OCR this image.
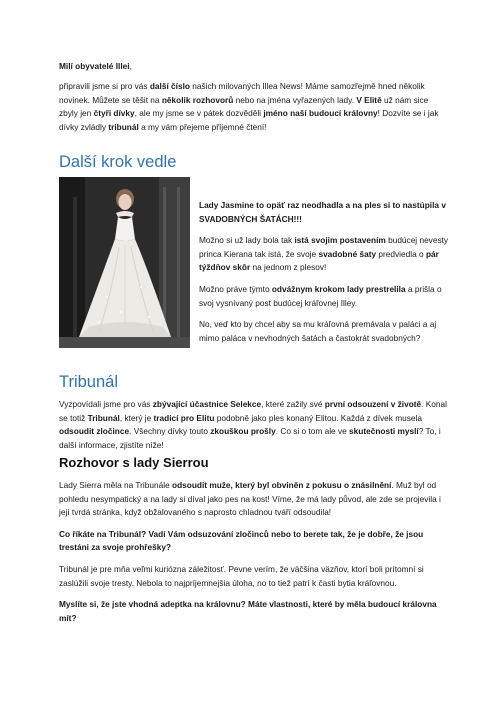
Milí obyvatelé Illei,

připravili jsme si pro vás další číslo našich milovaných Illea News! Máme samozřejmě hned několik novinek. Můžete se těšit na několik rozhovorů nebo na jména vyřazených lady. V Elitě už nám sice zbyly jen čtyři dívky, ale my jsme se v pátek dozvěděli jméno naší budoucí královny! Dozvíte se i jak dívky zvládly tribunál a my vám přejeme příjemné čtení!

Další krok vedle

Lady Jasmine to opäť raz neodhadla a na ples si to nastúpila v SVADOBNÝCH ŠATÁCH!!!

Možno si už lady bola tak istá svojim postavením budúcej nevesty princa Kierana tak istá, že svoje svadobné šaty predviedla o pár týždňov skôr na jednom z plesov!

Možno práve týmto odvážnym krokom lady prestrelila a prišla o svoj vysnívaný post budúcej kráľovnej Illey.

No, veď kto by chcel aby sa mu kráľovná premávala v paláci a aj mimo paláca v nevhodných šatách a častokrát svadobných?

Tribunál

Vyzpovídali jsme pro vás zbývající účastnice Selekce, které zažily své první odsouzení v životě. Konal se totiž Tribunál, který je tradicí pro Elitu podobně jako ples konaný Elitou. Každá z dívek musela odsoudit zločince. Všechny dívky touto zkouškou prošly. Co si o tom ale ve skutečnosti myslí? To, i další informace, zjistíte níže!

Rozhovor s lady Sierrou

Lady Sierra měla na Tribunále odsoudit muže, který byl obviněn z pokusu o znásilnění. Muž byl od pohledu nesympatický a na lady si díval jako pes na kost! Víme, že má lady původ, ale zde se projevila i její tvrdá stránka, když obžalovaného s naprosto chladnou tváří odsoudila!

Co říkáte na Tribunál? Vadí Vám odsuzování zločinců nebo to berete tak, že je dobře, že jsou trestáni za svoje prohřešky?

Tribunál je pre mňa veľmi kuriózna záležitosť. Pevne verím, že väčšina väzňov, ktorí boli prítomní si zaslúžili svoje tresty. Nebola to najpríjemnejšia úloha, no to tiež patrí k časti bytia kráľovnou.

Myslíte si, že jste vhodná adeptka na královnu? Máte vlastnosti, které by měla budoucí královna mít?
